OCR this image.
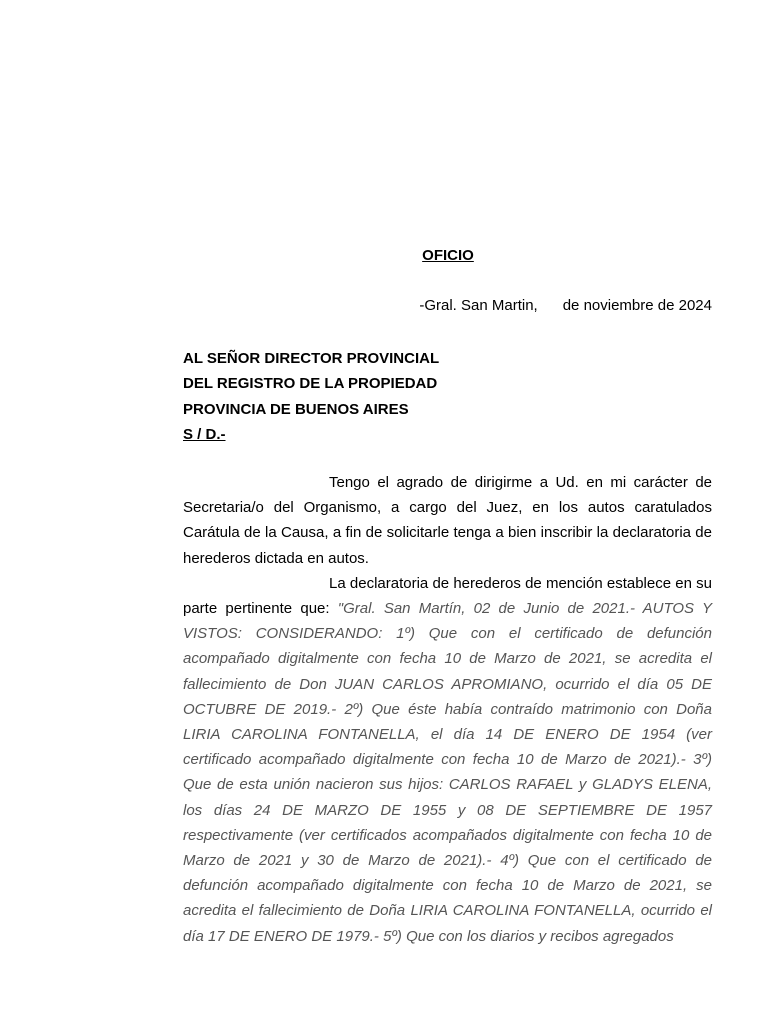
OFICIO
-Gral. San Martin,      de noviembre de 2024
AL SEÑOR DIRECTOR PROVINCIAL
DEL REGISTRO DE LA PROPIEDAD
PROVINCIA DE BUENOS AIRES
S / D.-

Tengo el agrado de dirigirme a Ud. en mi carácter de Secretaria/o del Organismo, a cargo del Juez, en los autos caratulados Carátula de la Causa, a fin de solicitarle tenga a bien inscribir la declaratoria de herederos dictada en autos.

La declaratoria de herederos de mención establece en su parte pertinente que: "Gral. San Martín, 02 de Junio de 2021.- AUTOS Y VISTOS: CONSIDERANDO: 1º) Que con el certificado de defunción acompañado digitalmente con fecha 10 de Marzo de 2021, se acredita el fallecimiento de Don JUAN CARLOS APROMIANO, ocurrido el día 05 DE OCTUBRE DE 2019.- 2º) Que éste había contraído matrimonio con Doña LIRIA CAROLINA FONTANELLA, el día 14 DE ENERO DE 1954 (ver certificado acompañado digitalmente con fecha 10 de Marzo de 2021).- 3º) Que de esta unión nacieron sus hijos: CARLOS RAFAEL y GLADYS ELENA, los días 24 DE MARZO DE 1955 y 08 DE SEPTIEMBRE DE 1957 respectivamente (ver certificados acompañados digitalmente con fecha 10 de Marzo de 2021 y 30 de Marzo de 2021).- 4º) Que con el certificado de defunción acompañado digitalmente con fecha 10 de Marzo de 2021, se acredita el fallecimiento de Doña LIRIA CAROLINA FONTANELLA, ocurrido el día 17 DE ENERO DE 1979.- 5º) Que con los diarios y recibos agregados
